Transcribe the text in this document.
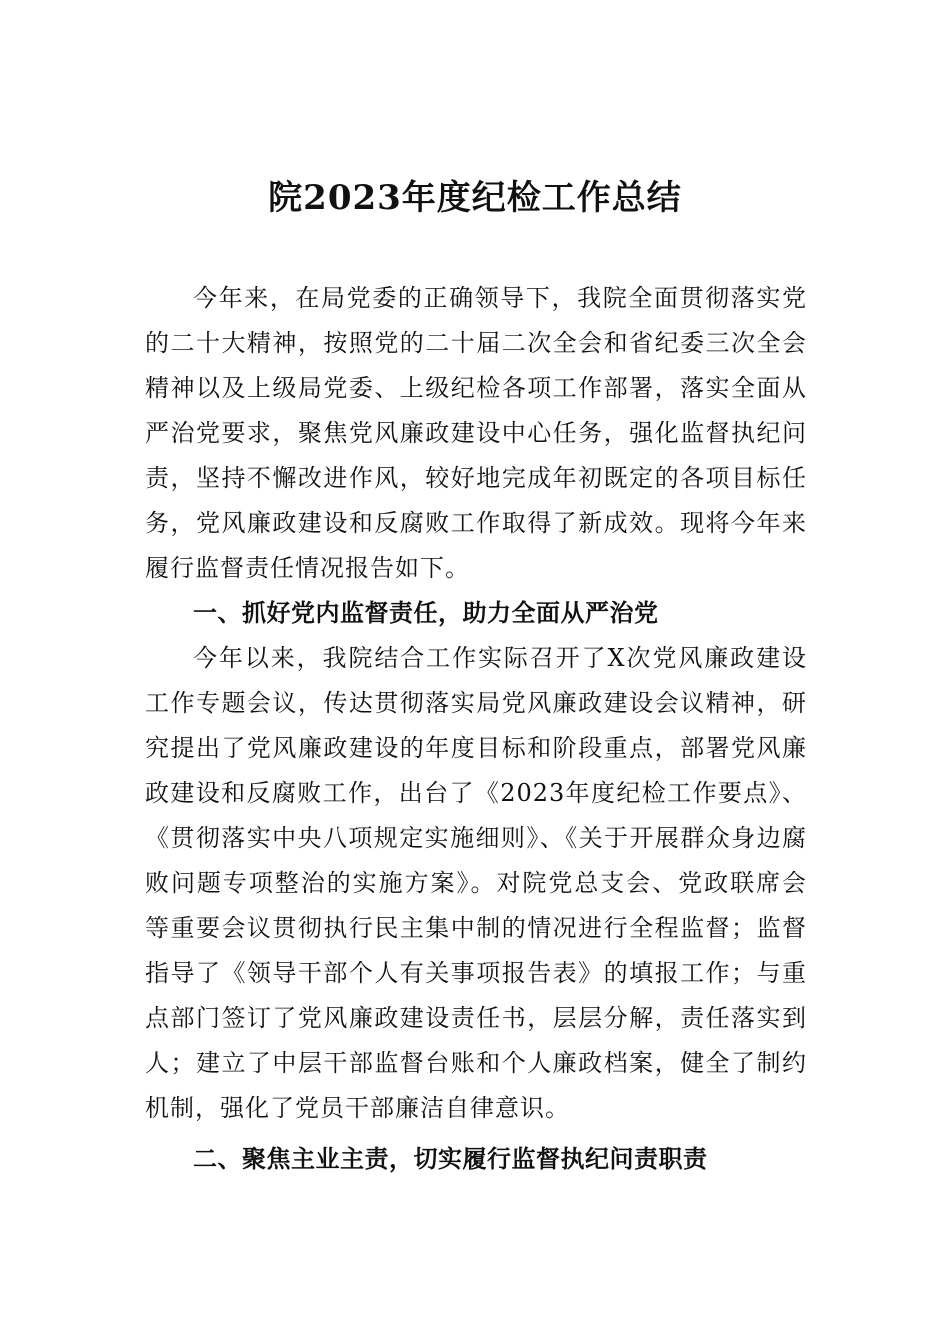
院2023年度纪检工作总结

今年来，在局党委的正确领导下，我院全面贯彻落实党的二十大精神，按照党的二十届二次全会和省纪委三次全会精神以及上级局党委、上级纪检各项工作部署，落实全面从严治党要求，聚焦党风廉政建设中心任务，强化监督执纪问责，坚持不懈改进作风，较好地完成年初既定的各项目标任务，党风廉政建设和反腐败工作取得了新成效。现将今年来履行监督责任情况报告如下。

一、抓好党内监督责任，助力全面从严治党

今年以来，我院结合工作实际召开了X次党风廉政建设工作专题会议，传达贯彻落实局党风廉政建设会议精神，研究提出了党风廉政建设的年度目标和阶段重点，部署党风廉政建设和反腐败工作，出台了《2023年度纪检工作要点》、《贯彻落实中央八项规定实施细则》、《关于开展群众身边腐败问题专项整治的实施方案》。对院党总支会、党政联席会等重要会议贯彻执行民主集中制的情况进行全程监督；监督指导了《领导干部个人有关事项报告表》的填报工作；与重点部门签订了党风廉政建设责任书，层层分解，责任落实到人；建立了中层干部监督台账和个人廉政档案，健全了制约机制，强化了党员干部廉洁自律意识。

二、聚焦主业主责，切实履行监督执纪问责职责
